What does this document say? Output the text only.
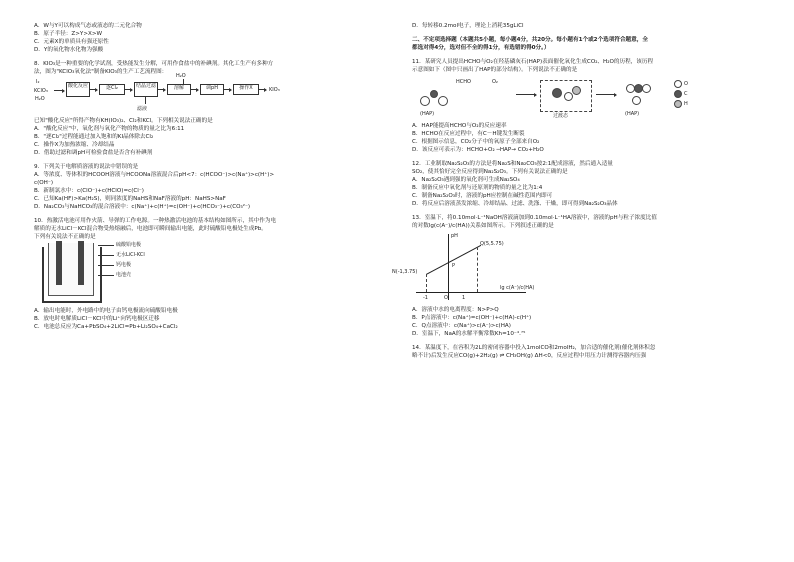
A．W与Y可以构成气态或液态的二元化合物
B．原子半径：Z>Y>X>W
C．元素X的单质具有强还原性
D．Y的氧化物水化物为强酸
8．KIO₃是一种重要的化学试剂，受热能发生分解，可用作食盐中的补碘剂。其化工生产有多种方
法，图为"KClO₃氧化法"制备KIO₃的生产工艺流程图：
I₂
KClO₃
H₂O
酸化反应	逐Cl₂	结晶过滤
滤液
H₂O
溶解	调pH	操作X	KIO₃
已知"酸化反应"所得产物有KH(IO₃)₂、Cl₂和KCl。下列相关说法正确的是
A．"酸化反应"中，氧化剂与氧化产物的物质的量之比为6:11
B．"逐Cl₂"过程能通过加入饱和的KI晶体除去Cl₂
C．操作X为加热浓缩、冷却结晶
D．借助过滤和调pH可检验食盐是否含有补碘剂
9．下列关于电解质溶液的说法中错误的是
A．等浓度、等体积的HCOOH溶液与HCOONa溶液混合后pH<7：c(HCOO⁻)>c(Na⁺)>c(H⁺)>
c(OH⁻)
B．新制氯水中：c(ClO⁻)+c(HClO)=c(Cl⁻)
C．已知Ka(HF)>Ka(H₂S)，则同浓度的NaHS和NaF溶液的pH：NaHS>NaF
D．Na₂CO₃与NaHCO₃的混合溶液中：c(Na⁺)+c(H⁺)=c(OH⁻)+c(HCO₃⁻)+c(CO₃²⁻)
10．热激活电池可用作火箭、导弹的工作电源。一种热激活电池的基本结构如图所示，其中作为电
解质的无水LiCl－KCl混合物受热熔融后，电池即可瞬间输出电能，此时硫酸铅电极处生成Pb。
下列有关说法不正确的是
硫酸铅电极
无水LiCl-KCl
钙电极
电池壳
A．输出电能时，外电路中的电子由钙电极流向硫酸铅电极
B．放电时电解质LiCl－KCl中的Li⁺向钙电极区迁移
C．电池总反应为Ca+PbSO₄+2LiCl=Pb+Li₂SO₄+CaCl₂
D．每转移0.2mol电子，理论上消耗35gLiCl
二、不定项选择题（本题共5小题，每小题4分，共20分。每小题有1个或2个选项符合题意，全
都选对得4分，选对但不全的得1分，有选错的得0分。）
11．某研究人员提出HCHO与O₂在羟基磷灰石(HAP)表面催化氧化生成CO₂、H₂O的历程，该历程
示意图如下（图中只画出了HAP的部分结构）。下列说法不正确的是
HCHO	O₂
(HAP)	过渡态	(HAP)
O
C
H
A．HAP能提高HCHO与O₂的反应速率
B．HCHO在反应过程中，有C－H键发生断裂
C．根据图示信息，CO₂分子中的氧原子全部来自O₂
D．该反应可表示为：HCHO+O₂ ─HAP→ CO₂+H₂O
12．工业制取Na₂S₂O₃的方法是将Na₂S和Na₂CO₃按2:1配成溶液，然后通入适量
SO₂，使其恰好完全反应得到Na₂S₂O₃。下列有关说法正确的是
A．Na₂S₂O₃遇到强的氧化剂可生成Na₂SO₄
B．制备反应中氧化剂与还原剂的物质的量之比为1:4
C．制备Na₂S₂O₃时，溶液的pH应控制在碱性范围内即可
D．将反应后溶液蒸发浓缩、冷却结晶、过滤、洗涤、干燥，即可得到Na₂S₂O₃晶体
13．室温下，将0.10mol·L⁻¹NaOH溶液滴加到0.10mol·L⁻¹HA溶液中，溶液的pH与粒子浓度比值
的对数lg(c(A⁻)/c(HA))关系如图所示。下列叙述正确的是
pH
lg c(A⁻)/c(HA)
Q(5,5.75)
N(-1,3.75)
P
-1	O	1
A．溶液中水的电离程度：N>P>Q
B．P点溶液中：c(Na⁺)=c(OH⁻)+c(HA)-c(H⁺)
C．Q点溶液中：c(Na⁺)>c(A⁻)>c(HA)
D．室温下，NaA的水解平衡常数Kh=10⁻⁴.⁷⁵
14．某温度下，在容积为2L的密闭容器中投入1molCO和2molH₂，加合适的催化剂(催化剂体积忽
略不计)后发生反应CO(g)+2H₂(g) ⇌ CH₃OH(g) ΔH<0，反应过程中用压力计测得容器内压强
